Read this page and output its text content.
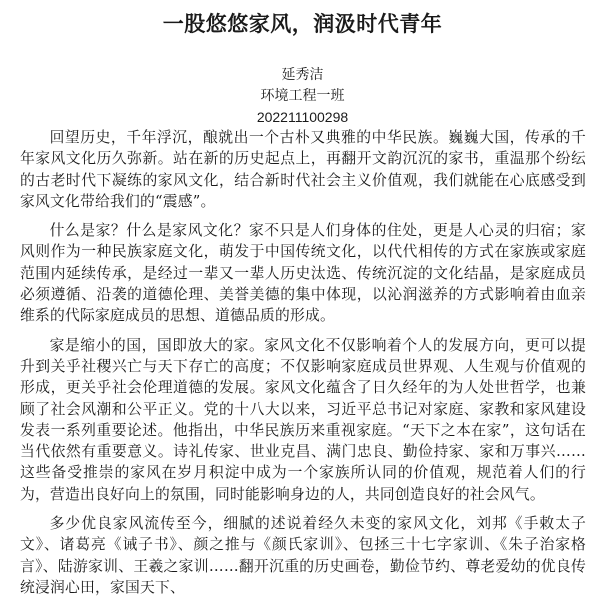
一股悠悠家风，润汲时代青年
延秀洁
环境工程一班
202211100298

回望历史，千年浮沉，酿就出一个古朴又典雅的中华民族。巍巍大国，传承的千年家风文化历久弥新。站在新的历史起点上，再翻开文韵沉沉的家书，重温那个纷纭的古老时代下凝练的家风文化，结合新时代社会主义价值观，我们就能在心底感受到家风文化带给我们的“震感”。

什么是家？什么是家风文化？家不只是人们身体的住处，更是人心灵的归宿；家风则作为一种民族家庭文化，萌发于中国传统文化，以代代相传的方式在家族或家庭范围内延续传承，是经过一辈又一辈人历史汰选、传统沉淀的文化结晶，是家庭成员必须遵循、沿袭的道德伦理、美誉美德的集中体现，以沁润滋养的方式影响着由血亲维系的代际家庭成员的思想、道德品质的形成。

家是缩小的国，国即放大的家。家风文化不仅影响着个人的发展方向，更可以提升到关乎社稷兴亡与天下存亡的高度；不仅影响家庭成员世界观、人生观与价值观的形成，更关乎社会伦理道德的发展。家风文化蕴含了日久经年的为人处世哲学，也兼顾了社会风潮和公平正义。党的十八大以来，习近平总书记对家庭、家教和家风建设发表一系列重要论述。他指出，中华民族历来重视家庭。“天下之本在家”，这句话在当代依然有重要意义。诗礼传家、世业克昌、满门忠良、勤俭持家、家和万事兴……这些备受推崇的家风在岁月积淀中成为一个家族所认同的价值观，规范着人们的行为，营造出良好向上的氛围，同时能影响身边的人，共同创造良好的社会风气。

多少优良家风流传至今，细腻的述说着经久未变的家风文化，刘邦《手敕太子文》、诸葛亮《诫子书》、颜之推与《颜氏家训》、包拯三十七字家训、《朱子治家格言》、陆游家训、王羲之家训……翻开沉重的历史画卷，勤俭节约、尊老爱幼的优良传统浸润心田，家国天下、
